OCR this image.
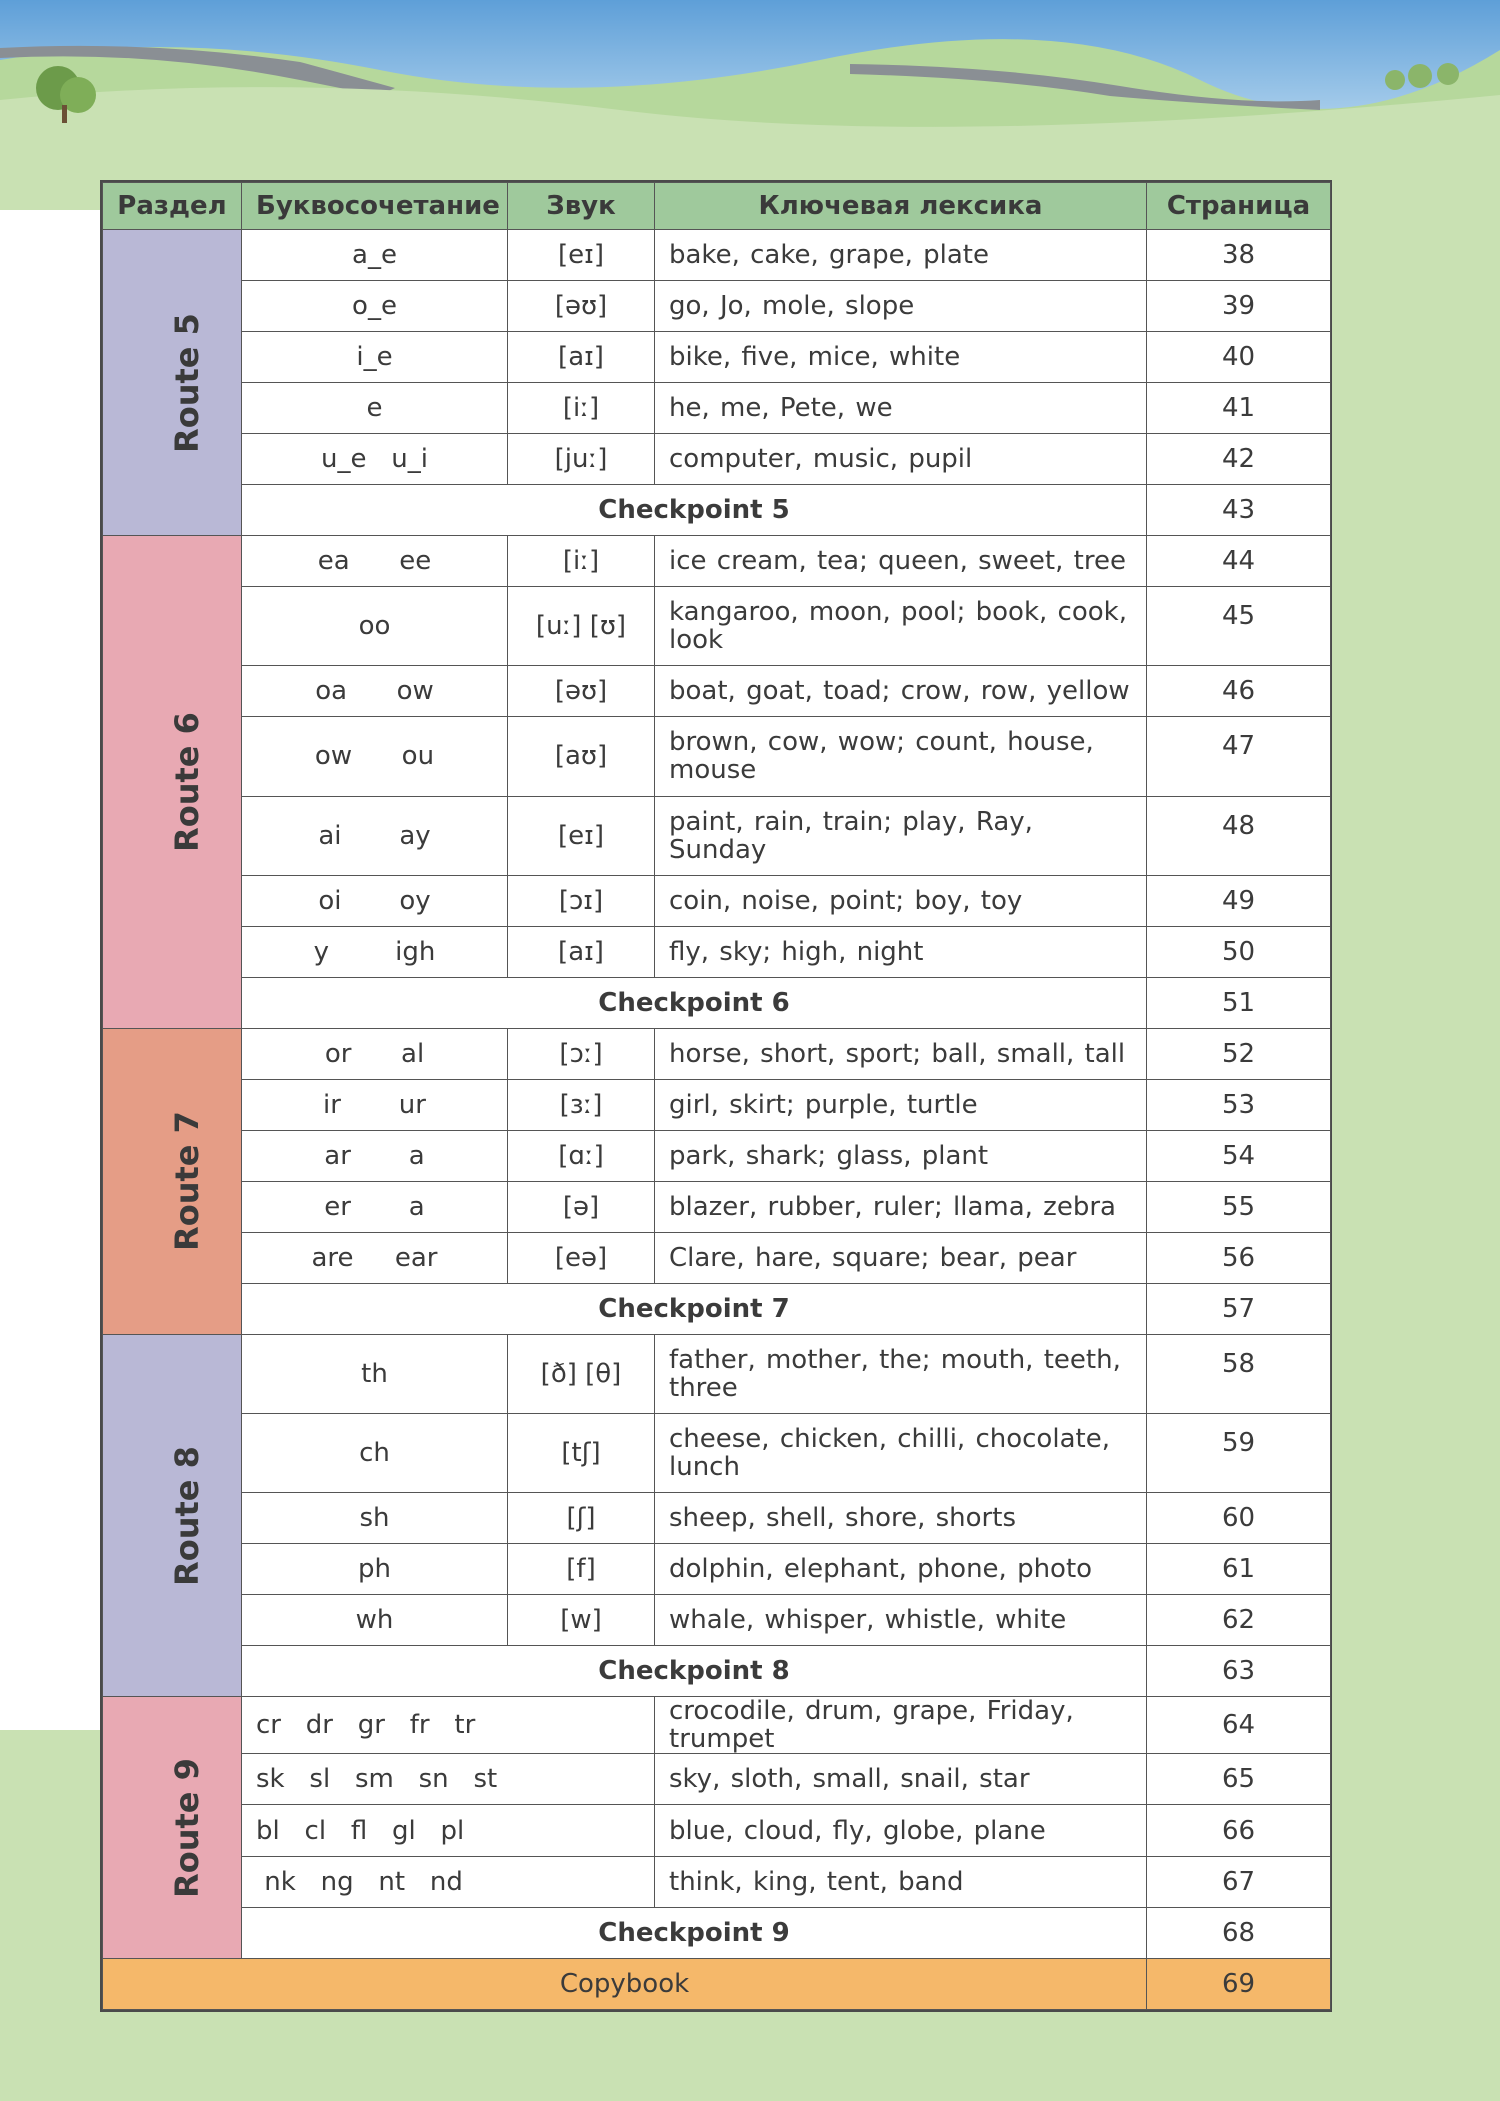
Раздел	Буквосочетание	Звук	Ключевая лексика	Страница
Route 5	a_e	[eɪ]	bake, cake, grape, plate	38
	o_e	[əʊ]	go, Jo, mole, slope	39
	i_e	[aɪ]	bike, five, mice, white	40
	e	[iː]	he, me, Pete, we	41
	u_e   u_i	[juː]	computer, music, pupil	42
	Checkpoint 5			43
Route 6	ea      ee	[iː]	ice cream, tea; queen, sweet, tree	44
	oo	[uː] [ʊ]	kangaroo, moon, pool; book, cook, look	45
	oa      ow	[əʊ]	boat, goat, toad; crow, row, yellow	46
	ow      ou	[aʊ]	brown, cow, wow; count, house, mouse	47
	ai       ay	[eɪ]	paint, rain, train; play, Ray, Sunday	48
	oi       oy	[ɔɪ]	coin, noise, point; boy, toy	49
	y        igh	[aɪ]	fly, sky; high, night	50
	Checkpoint 6			51
Route 7	or      al	[ɔː]	horse, short, sport; ball, small, tall	52
	ir       ur	[ɜː]	girl, skirt; purple, turtle	53
	ar       a	[ɑː]	park, shark; glass, plant	54
	er       a	[ə]	blazer, rubber, ruler; llama, zebra	55
	are     ear	[eə]	Clare, hare, square; bear, pear	56
	Checkpoint 7			57
Route 8	th	[ð] [θ]	father, mother, the; mouth, teeth, three	58
	ch	[tʃ]	cheese, chicken, chilli, chocolate, lunch	59
	sh	[ʃ]	sheep, shell, shore, shorts	60
	ph	[f]	dolphin, elephant, phone, photo	61
	wh	[w]	whale, whisper, whistle, white	62
	Checkpoint 8			63
Route 9	cr   dr   gr   fr   tr		crocodile, drum, grape, Friday, trumpet	64
	sk   sl   sm   sn   st		sky, sloth, small, snail, star	65
	bl   cl   fl   gl   pl		blue, cloud, fly, globe, plane	66
	nk   ng   nt   nd		think, king, tent, band	67
	Checkpoint 9			68
Copybook				69
